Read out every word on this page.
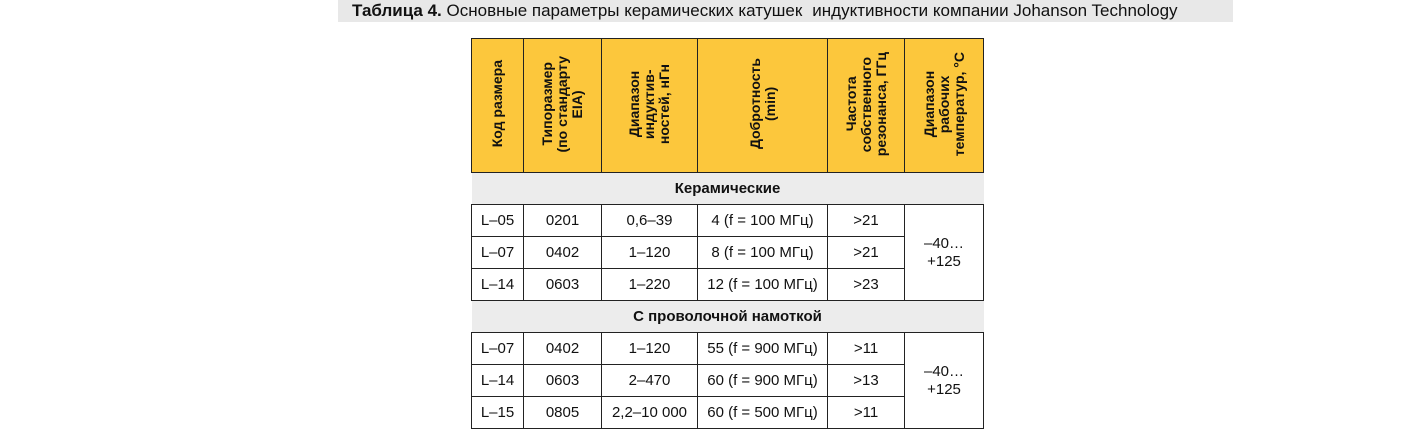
Таблица 4. Основные параметры керамических катушек индуктивности компании Johanson Technology
Код размера	Типоразмер
(по стандарту
EIA)	Диапазон
индуктив-
ностей, нГн	Добротность
(min)	Частота
собственного
резонанса, ГГц	Диапазон
рабочих
температур, °С
Керамические					
L–05	0201	0,6–39	4 (f = 100 МГц)	>21	–40…
+125
L–07	0402	1–120	8 (f = 100 МГц)	>21	
L–14	0603	1–220	12 (f = 100 МГц)	>23	
С проволочной намоткой					
L–07	0402	1–120	55 (f = 900 МГц)	>11	–40…
+125
L–14	0603	2–470	60 (f = 900 МГц)	>13	
L–15	0805	2,2–10 000	60 (f = 500 МГц)	>11	
